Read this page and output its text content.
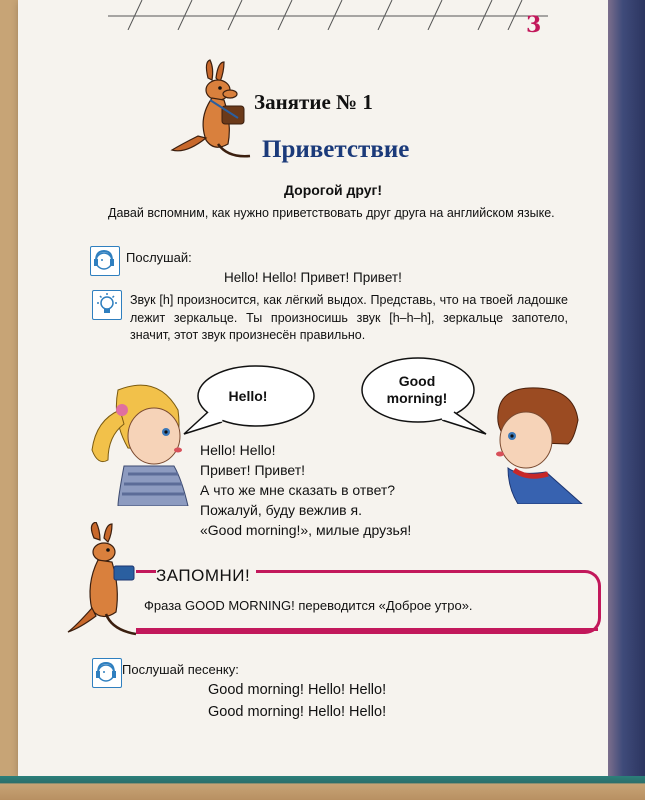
3
Занятие № 1
Приветствие
Дорогой друг!
Давай вспомним, как нужно приветствовать друг друга на английском языке.
Послушай:
Hello! Hello! Привет! Привет!
Звук [h] произносится, как лёгкий выдох. Представь, что на твоей ладошке лежит зеркальце. Ты произносишь звук [h–h–h], зеркальце запотело, значит, этот звук произнесён правильно.
Hello!
Good
morning!
Hello! Hello!
Привет! Привет!
А что же мне сказать в ответ?
Пожалуй, буду вежлив я.
«Good morning!», милые друзья!
ЗАПОМНИ!
Фраза GOOD MORNING! переводится «Доброе утро».
Послушай песенку:
Good morning! Hello! Hello!
Good morning! Hello! Hello!
